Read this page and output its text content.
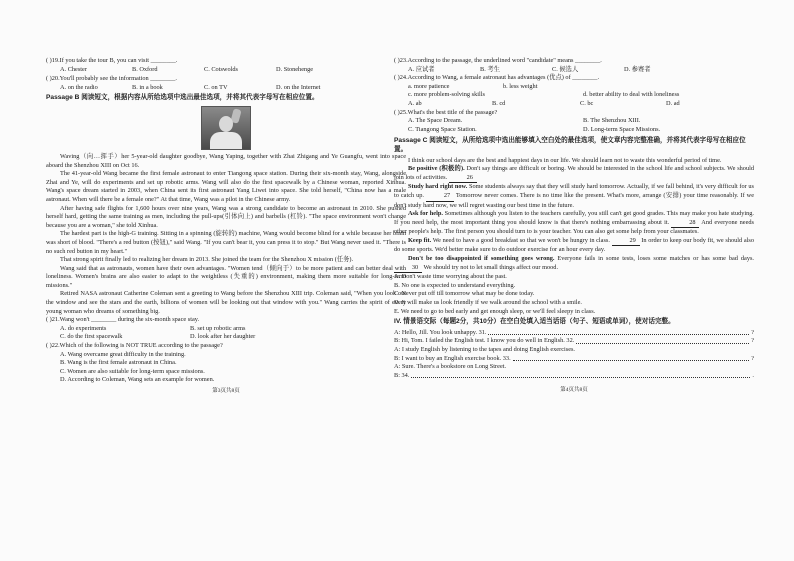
( )19. If you take the tour B, you can visit ________.
A. Chester	B. Oxford	C. Cotswolds	D. Stonehenge
( )20. You'll probably see the information ________.
A. on the radio	B. in a book	C. on TV	D. on the Internet

Passage B 阅读短文，根据内容从所给选项中选出最佳选项，并将其代表字母写在相应位置。

Waving（向…挥手）her 5-year-old daughter goodbye, Wang Yaping, together with Zhai Zhigang and Ye Guangfu, went into space aboard the Shenzhou XIII on Oct 16.

The 41-year-old Wang became the first female astronaut to enter Tiangong space station. During their six-month stay, Wang, alongside Zhai and Ye, will do experiments and set up robotic arms. Wang will also do the first spacewalk by a Chinese woman, reported Xinhua. Wang's space dream started in 2003, when China sent its first astronaut Yang Liwei into space. She told herself, "China now has a male astronaut. When will there be a female one?" At that time, Wang was a pilot in the Chinese army.

After having safe flights for 1,600 hours over nine years, Wang was a strong candidate to become an astronaut in 2010. She pushed herself hard, getting the same training as men, including the pull-ups(引体向上) and barbells (杠铃). "The space environment won't change because you are a woman," she told Xinhua.

The hardest part is the high-G training. Sitting in a spinning (旋转的) machine, Wang would become blind for a while because her brain was short of blood. "There's a red button (按钮)," said Wang. "If you can't bear it, you can press it to stop." But Wang never used it. "There is no such red button in my heart."

That strong spirit finally led to realizing her dream in 2013. She joined the team for the Shenzhou X mission (任务).

Wang said that as astronauts, women have their own advantages. "Women tend（倾向于）to be more patient and can better deal with loneliness. Women's brains are also easier to adapt to the weightless (失重的) environment, making them more suitable for long-term missions."

Retired NASA astronaut Catherine Coleman sent a greeting to Wang before the Shenzhou XIII trip. Coleman said, "When you look out the window and see the stars and the earth, billions of women will be looking out that window with you." Wang carries the spirit of every young woman who dreams of something big.

( )21. Wang won't ________ during the six-month space stay.
A. do experiments	B. set up robotic arms
C. do the first spacewalk	D. look after her daughter
( )22. Which of the following is NOT TRUE according to the passage?
A. Wang overcame great difficulty in the training.
B. Wang is the first female astronaut in China.
C. Women are also suitable for long-term space missions.
D. According to Coleman, Wang sets an example for women.
第3页共8页
( )23. According to the passage, the underlined word "candidate" means ________.
A. 应试者	B. 考生	C. 候选人	D. 参赛者
( )24. According to Wang, a female astronaut has advantages (优点) of ________.
a. more patience	b. less weight
c. more problem-solving skills	d. better ability to deal with loneliness
A. ab	B. cd	C. bc	D. ad
( )25. What's the best title of the passage?
A. The Space Dream.	B. The Shenzhou XIII.
C. Tiangong Space Station.	D. Long-term Space Missions.

Passage C 阅读短文，从所给选项中选出能够填入空白处的最佳选项，使文章内容完整准确，并将其代表字母写在相应位置。

I think our school days are the best and happiest days in our life. We should learn not to waste this wonderful period of time.

Be positive (积极的). Don't say things are difficult or boring. We should be interested in the school life and school subjects. We should join lots of activities.	26

Study hard right now. Some students always say that they will study hard tomorrow. Actually, if we fall behind, it's very difficult for us to catch up.	27 Tomorrow never comes. There is no time like the present. What's more, arrange (安排) your time reasonably. If we don't study hard now, we will regret wasting our best time in the future.

Ask for help. Sometimes although you listen to the teachers carefully, you still can't get good grades. This may make you hate studying. If you need help, the most important thing you should know is that there's nothing embarrassing about it.	28 And everyone needs other people's help. The first person you should turn to is your teacher. You can also get some help from your classmates.

Keep fit. We need to have a good breakfast so that we won't be hungry in class.	29 In order to keep our body fit, we should also do some sports. We'd better make sure to do outdoor exercise for an hour every day.

Don't be too disappointed if something goes wrong. Everyone fails in some tests, loses some matches or has some bad days. 30 We should try not to let small things affect our mood.

A. Don't waste time worrying about the past.

B. No one is expected to understand everything.

C. Never put off till tomorrow what may be done today.

D. It will make us look friendly if we walk around the school with a smile.

E. We need to go to bed early and get enough sleep, or we'll feel sleepy in class.

IV. 情景语交际（每题2分，共10分）在空白处填入适当话语（句子、短语或单词），使对话完整。

A: Hello, Jill. You look unhappy. 31.	?
B: Hi, Tom. I failed the English test. I know you do well in English. 32.	?
A: I study English by listening to the tapes and doing English exercises.
B: I want to buy an English exercise book. 33.	?
A: Sure. There's a bookstore on Long Street.
B: 34.	.
第4页共8页
